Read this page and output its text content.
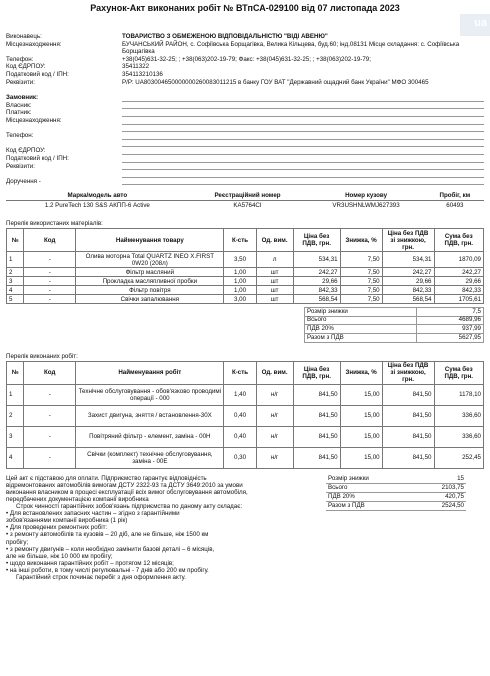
Рахунок-Акт виконаних робіт № ВТпСА-029100 від 07 листопада 2023
ua
Виконавець:	ТОВАРИСТВО З ОБМЕЖЕНОЮ ВІДПОВІДАЛЬНІСТЮ "ВІДІ АВЕНЮ"
Місцезнаходження:	БУЧАНСЬКИЙ РАЙОН, с. Софіївська Борщагівка, Велика Кільцева, буд.60; інд.08131 Місце складання: с. Софіївська Борщагівка
Телефон:	+38(045)631-32-25; ; +38(063)202-19-79; Факс: +38(045)631-32-25; ; +38(063)202-19-79;
Код ЄДРПОУ:	35411322
Податковий код / ІПН:	354113210136
Реквізити:	Р/Р: UA803004650000000260083011215 в банку ГОУ ВАТ "Державний ощадний банк України" МФО 300465
Замовник:
Власник:
Платник:
Місцезнаходження:
Телефон:
Код ЄДРПОУ:
Податковий код / ІПН:
Реквізити:
Доручення -
Марка/модель авто	Реєстраційний номер	Номер кузову	Пробіг, км
1.2 PureTech 130 S&S АКПП-6 Active	KA5764CI	VR3USHNLWMJ627393	60493
Перелік використаних матеріалів:
№	Код	Найменування товару	К-сть	Од. вим.	Ціна без ПДВ, грн.	Знижка, %	Ціна без ПДВ зі знижкою, грн.	Сума без ПДВ, грн.
1	-	Олива моторна Total QUARTZ INEO X.FIRST 0W20 (208л)	3,50	л	534,31	7,50	534,31	1870,09
2	-	Фільтр масляний	1,00	шт	242,27	7,50	242,27	242,27
3	-	Прокладка масляпливної пробки	1,00	шт	29,66	7,50	29,66	29,66
4	-	Фільтр повітря	1,00	шт	842,33	7,50	842,33	842,33
5	-	Свічки запалювання	3,00	шт	568,54	7,50	568,54	1705,61
Розмір знижки	7,5
Всього	4689,96
ПДВ 20%	937,99
Разом з ПДВ	5627,95
Перелік виконаних робіт:
№	Код	Найменування робіт	К-сть	Од. вим.	Ціна без ПДВ, грн.	Знижка, %	Ціна без ПДВ зі знижкою, грн.	Сума без ПДВ, грн.
1	-	Технічне обслуговування - обов'язково проводимі операції - 000	1,40	н/г	841,50	15,00	841,50	1178,10
2	-	Захист двигуна, зняття / встановлення-30Х	0,40	н/г	841,50	15,00	841,50	336,60
3	-	Повітряний фільтр - елемент, заміна - 00Н	0,40	н/г	841,50	15,00	841,50	336,60
4	-	Свічки (комплект) технічне обслуговування, заміна - 00Е	0,30	н/г	841,50	15,00	841,50	252,45
Цей акт є підставою для оплати. Підприємство гарантує відповідність
відремонтованих автомобілів вимогам ДСТУ 2322-93 та ДСТУ 3649:2010 за умови
виконання власником в процесі експлуатації всіх вимог обслуговування автомобіля,
передбачених документацією компанії виробника
Строк чинності гарантійних зобов'язань підприємства по даному акту складає:
• Для встановлених запасних частин – згідно з гарантійними
зобов'язаннями компанії виробника (1 рік)
• Для проведених ремонтних робіт:
• з ремонту автомобілів та кузовів – 20 діб, але не більше, ніж 1500 км
пробігу;
• з ремонту двигунів – коли необхідно замінити базові деталі – 6 місяців,
але не більше, ніж 10 000 км пробігу;
• щодо виконання гарантійних робіт – протягом 12 місяців;
• на інші роботи, в тому числі регулювальні - 7 днів або 200 км пробігу.
Гарантійний строк починає перебіг з дня оформлення акту.
Розмір знижки	15
Всього	2103,75
ПДВ 20%	420,75
Разом з ПДВ	2524,50
